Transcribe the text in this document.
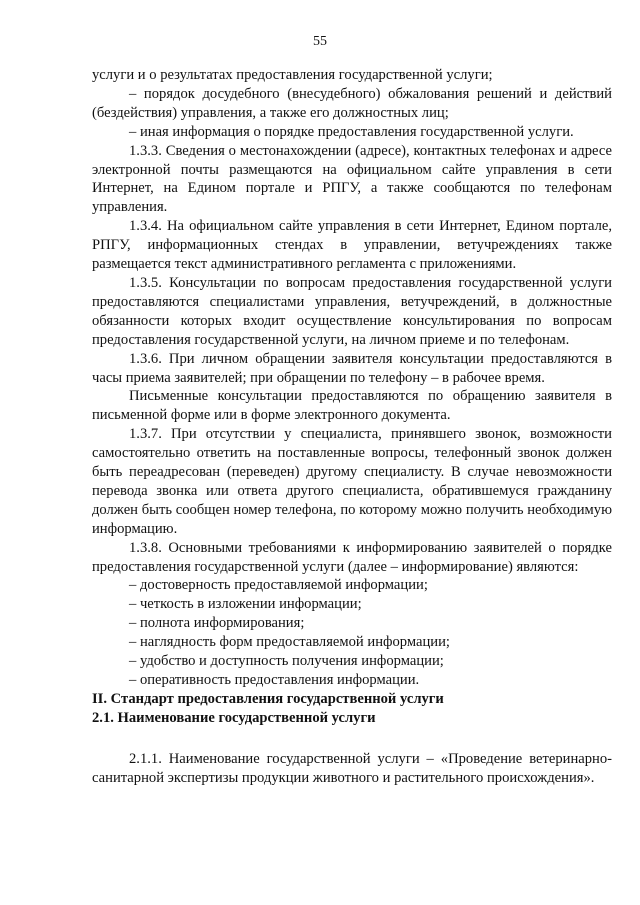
55

услуги и о результатах предоставления государственной услуги;

– порядок досудебного (внесудебного) обжалования решений и действий (бездействия) управления, а также его должностных лиц;

– иная информация о порядке предоставления государственной услуги.

1.3.3. Сведения о местонахождении (адресе), контактных телефонах и адресе электронной почты размещаются на официальном сайте управления в сети Интернет, на Едином портале и РПГУ, а также сообщаются по телефонам управления.

1.3.4. На официальном сайте управления в сети Интернет, Едином портале, РПГУ, информационных стендах в управлении, ветучреждениях также размещается текст административного регламента с приложениями.

1.3.5. Консультации по вопросам предоставления государственной услуги предоставляются специалистами управления, ветучреждений, в должностные обязанности которых входит осуществление консультирования по вопросам предоставления государственной услуги, на личном приеме и по телефонам.

1.3.6. При личном обращении заявителя консультации предоставляются в часы приема заявителей; при обращении по телефону – в рабочее время.

Письменные консультации предоставляются по обращению заявителя в письменной форме или в форме электронного документа.

1.3.7. При отсутствии у специалиста, принявшего звонок, возможности самостоятельно ответить на поставленные вопросы, телефонный звонок должен быть переадресован (переведен) другому специалисту. В случае невозможности перевода звонка или ответа другого специалиста, обратившемуся гражданину должен быть сообщен номер телефона, по которому можно получить необходимую информацию.

1.3.8. Основными требованиями к информированию заявителей о порядке предоставления государственной услуги (далее – информирование) являются:

– достоверность предоставляемой информации;

– четкость в изложении информации;

– полнота информирования;

– наглядность форм предоставляемой информации;

– удобство и доступность получения информации;

– оперативность предоставления информации.

II. Стандарт предоставления государственной услуги

2.1. Наименование государственной услуги

2.1.1. Наименование государственной услуги – «Проведение ветеринарно-санитарной экспертизы продукции животного и растительного происхождения».
